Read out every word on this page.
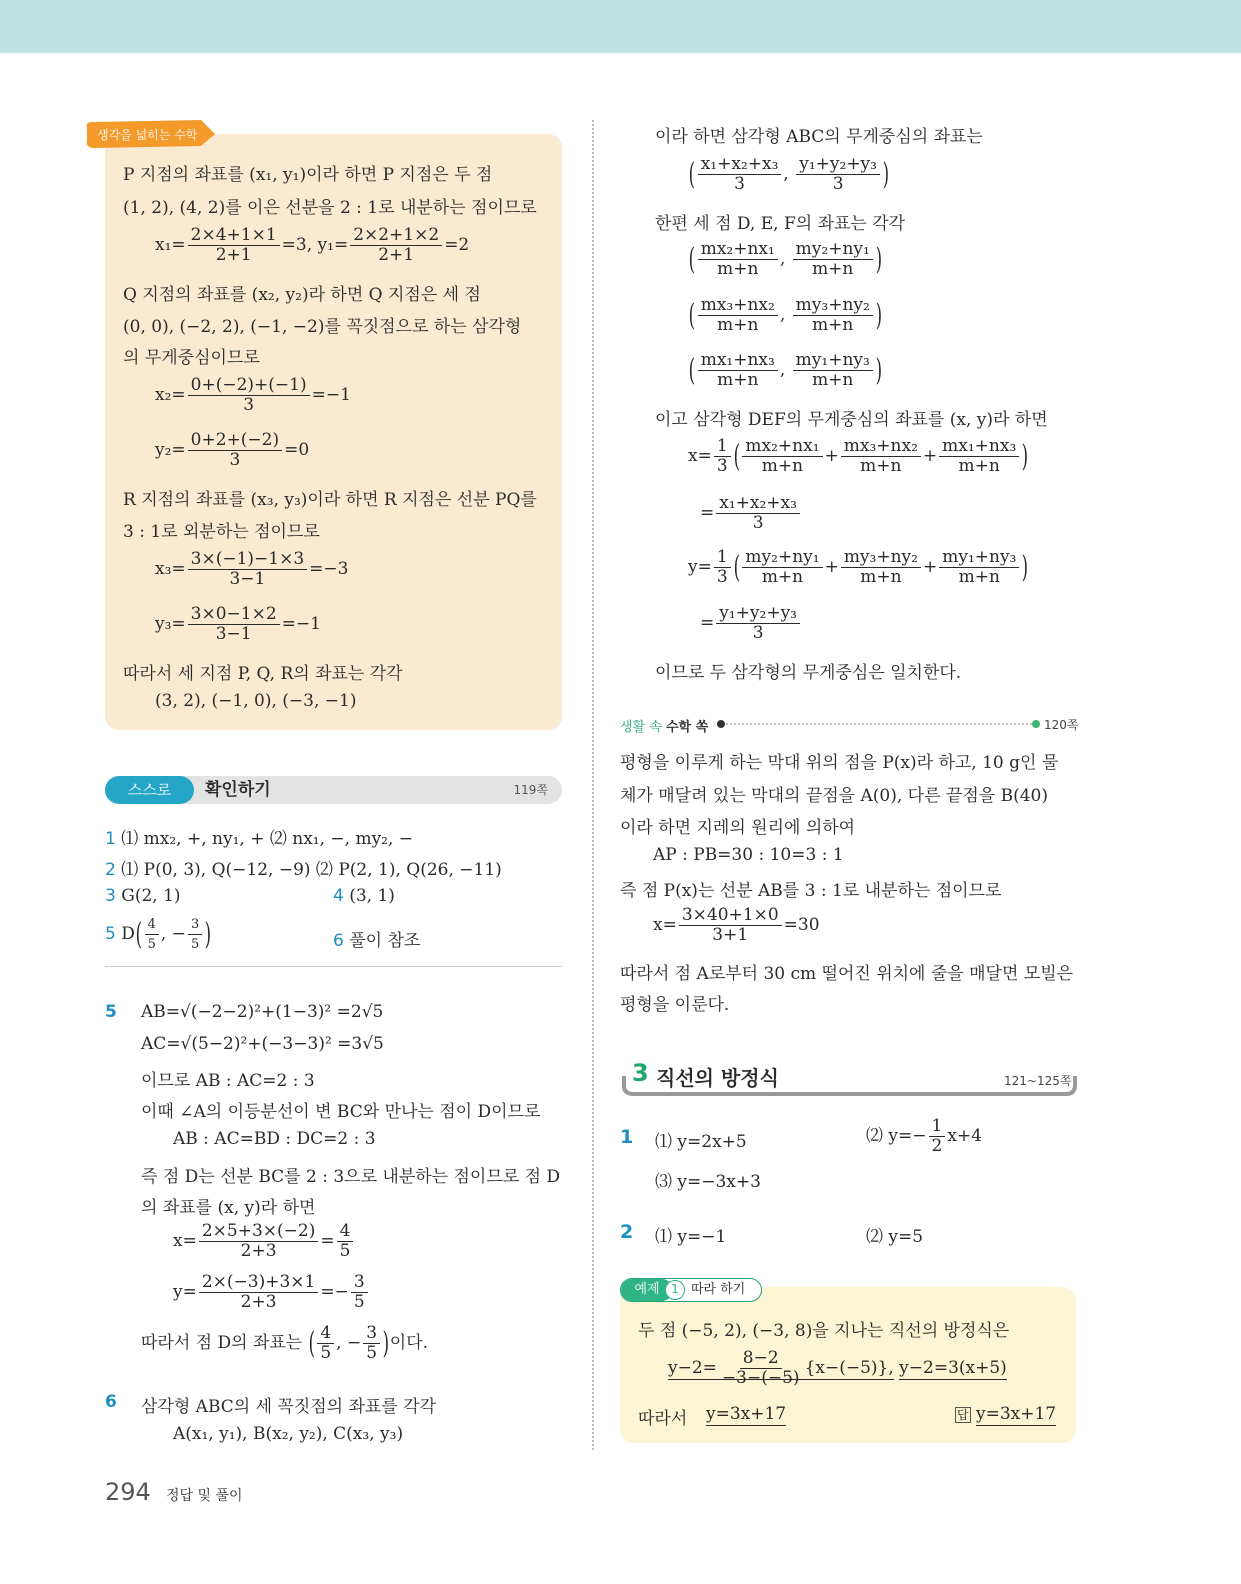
생각을 넓히는 수학
P 지점의 좌표를 (x₁, y₁)이라 하면 P 지점은 두 점
(1, 2), (4, 2)를 이은 선분을 2 : 1로 내분하는 점이므로
$x_1= \frac{2\times 4+1\times 1}{2+1} =3$, $y_1= \frac{2\times 2+1\times 2}{2+1} =2$
Q 지점의 좌표를 (x₂, y₂)라 하면 Q 지점은 세 점
(0, 0), (−2, 2), (−1, −2)를 꼭짓점으로 하는 삼각형
의 무게중심이므로
$x_2= \frac{0+(-2)+(-1)}{3} =-1$
$y_2= \frac{0+2+(-2)}{3} =0$
R 지점의 좌표를 (x₃, y₃)이라 하면 R 지점은 선분 PQ를
3 : 1로 외분하는 점이므로
$x_3= \frac{3\times(-1)-1\times 3}{3-1} =-3$
$y_3= \frac{3\times 0-1\times 2}{3-1} =-1$
따라서 세 지점 P, Q, R의 좌표는 각각
(3, 2), (−1, 0), (−3, −1)
스스로	확인하기	119쪽
1 ⑴ mx₂, +, ny₁, + ⑵ nx₁, −, my₂, −
2 ⑴ P(0, 3), Q(−12, −9) ⑵ P(2, 1), Q(26, −11)
3 G(2, 1)	4 (3, 1)
5 $D( \frac{4}{5}$ , − $\frac{3}{5}$ )	6 풀이 참조
5 AB=√(−2−2)²+(1−3)² =2√5
AC=√(5−2)²+(−3−3)² =3√5
이므로 AB : AC=2 : 3
이때 ∠A의 이등분선이 변 BC와 만나는 점이 D이므로
AB : AC=BD : DC=2 : 3
즉 점 D는 선분 BC를 2 : 3으로 내분하는 점이므로 점 D
의 좌표를 (x, y)라 하면
$x= \frac{2\times 5+3\times(-2)}{2+3} = \frac{4}{5}$
$y= \frac{2\times(-3)+3\times 1}{2+3} =- \frac{3}{5}$
따라서 점 D의 좌표는 ( $\frac{4}{5}$ , − $\frac{3}{5}$ )이다.
6 삼각형 ABC의 세 꼭짓점의 좌표를 각각
A(x₁, y₁), B(x₂, y₂), C(x₃, y₃)
이라 하면 삼각형 ABC의 무게중심의 좌표는
( $\frac{\text{x₁+x₂+x₃}}{3}$ , $\frac{\text{y₁+y₂+y₃}}{3}$ )
한편 세 점 D, E, F의 좌표는 각각
( $\frac{\text{mx₂+nx₁}}{m+n}$ , $\frac{\text{my₂+ny₁}}{m+n}$ )
( $\frac{\text{mx₃+nx₂}}{m+n}$ , $\frac{\text{my₃+ny₂}}{m+n}$ )
( $\frac{\text{mx₁+nx₃}}{m+n}$ , $\frac{\text{my₁+ny₃}}{m+n}$ )
이고 삼각형 DEF의 무게중심의 좌표를 (x, y)라 하면
$x= \frac{1}{3}$ ( $\frac{\text{mx₂+nx₁}}{m+n} + \frac{\text{mx₃+nx₂}}{m+n} + \frac{\text{mx₁+nx₃}}{m+n}$ )
= $\frac{\text{x₁+x₂+x₃}}{3}$
$y= \frac{1}{3}$ ( $\frac{\text{my₂+ny₁}}{m+n} + \frac{\text{my₃+ny₂}}{m+n} + \frac{\text{my₁+ny₃}}{m+n}$ )
= $\frac{\text{y₁+y₂+y₃}}{3}$
이므로 두 삼각형의 무게중심은 일치한다.
생활 속 수학 쏙	120쪽
평형을 이루게 하는 막대 위의 점을 P(x)라 하고, 10 g인 물
체가 매달려 있는 막대의 끝점을 A(0), 다른 끝점을 B(40)
이라 하면 지레의 원리에 의하여
AP : PB=30 : 10=3 : 1
즉 점 P(x)는 선분 AB를 3 : 1로 내분하는 점이므로
$x= \frac{3\times 40+1\times 0}{3+1} =30$
따라서 점 A로부터 30 cm 떨어진 위치에 줄을 매달면 모빌은
평형을 이룬다.
3 직선의 방정식	121~125쪽
1 ⑴ y=2x+5	⑵ $y=- \frac{1}{2} x+4$
⑶ y=−3x+3
2 ⑴ y=−1	⑵ y=5
예제 1 따라 하기
두 점 (−5, 2), (−3, 8)을 지나는 직선의 방정식은
$y-2= \frac{8-2}{-3-(-5)} \{x-(-5)\}$, y−2=3(x+5)
따라서 y=3x+17	답 y=3x+17
294 정답 및 풀이
